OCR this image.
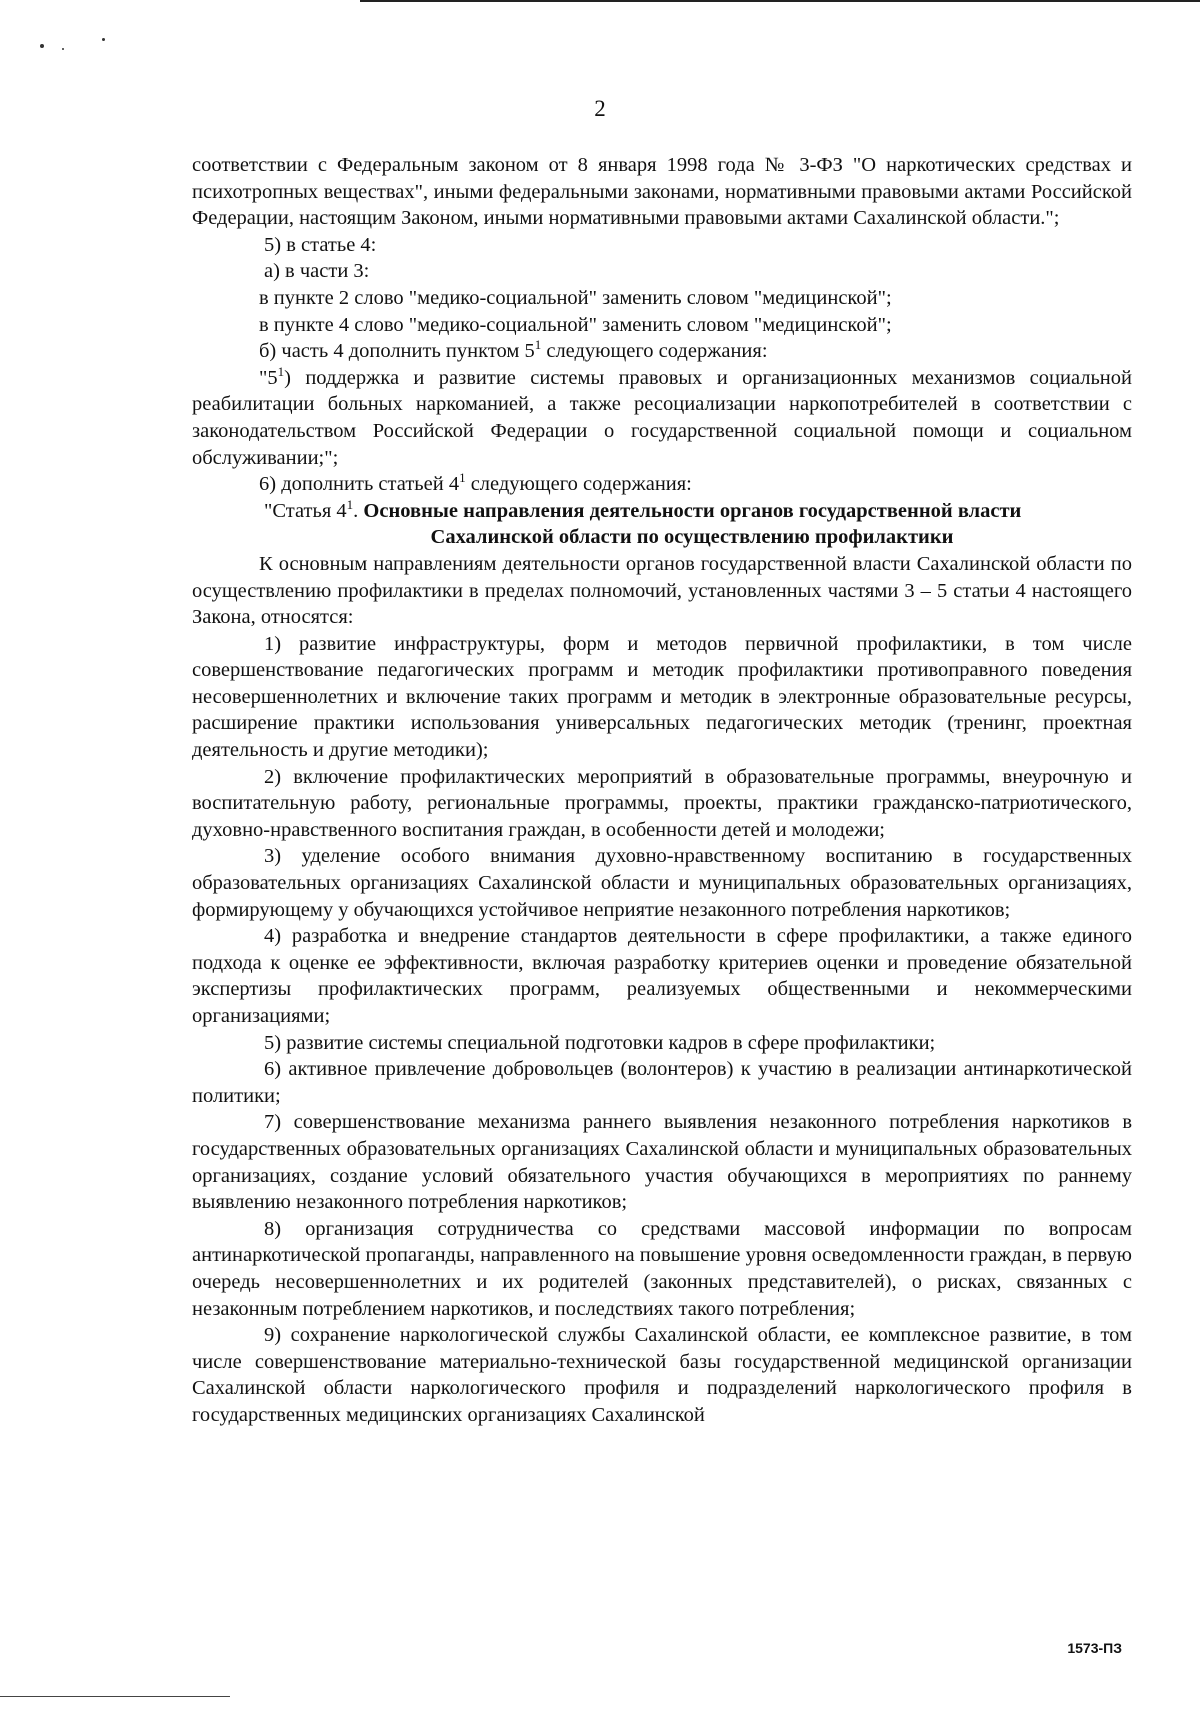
2

соответствии с Федеральным законом от 8 января 1998 года № 3-ФЗ "О наркотических средствах и психотропных веществах", иными федеральными законами, нормативными правовыми актами Российской Федерации, настоящим Законом, иными нормативными правовыми актами Сахалинской области.";

5) в статье 4:

а) в части 3:

в пункте 2 слово "медико-социальной" заменить словом "медицинской";

в пункте 4 слово "медико-социальной" заменить словом "медицинской";

б) часть 4 дополнить пунктом $5^1$ следующего содержания:

"$5^1$) поддержка и развитие системы правовых и организационных механизмов социальной реабилитации больных наркоманией, а также ресоциализации наркопотребителей в соответствии с законодательством Российской Федерации о государственной социальной помощи и социальном обслуживании;";

6) дополнить статьей $4^1$ следующего содержания:

"Статья $4^1$. Основные направления деятельности органов государственной власти

Сахалинской области по осуществлению профилактики

К основным направлениям деятельности органов государственной власти Сахалинской области по осуществлению профилактики в пределах полномочий, установленных частями 3 – 5 статьи 4 настоящего Закона, относятся:

1) развитие инфраструктуры, форм и методов первичной профилактики, в том числе совершенствование педагогических программ и методик профилактики противоправного поведения несовершеннолетних и включение таких программ и методик в электронные образовательные ресурсы, расширение практики использования универсальных педагогических методик (тренинг, проектная деятельность и другие методики);

2) включение профилактических мероприятий в образовательные программы, внеурочную и воспитательную работу, региональные программы, проекты, практики гражданско-патриотического, духовно-нравственного воспитания граждан, в особенности детей и молодежи;

3) уделение особого внимания духовно-нравственному воспитанию в государственных образовательных организациях Сахалинской области и муниципальных образовательных организациях, формирующему у обучающихся устойчивое неприятие незаконного потребления наркотиков;

4) разработка и внедрение стандартов деятельности в сфере профилактики, а также единого подхода к оценке ее эффективности, включая разработку критериев оценки и проведение обязательной экспертизы профилактических программ, реализуемых общественными и некоммерческими организациями;

5) развитие системы специальной подготовки кадров в сфере профилактики;

6) активное привлечение добровольцев (волонтеров) к участию в реализации антинаркотической политики;

7) совершенствование механизма раннего выявления незаконного потребления наркотиков в государственных образовательных организациях Сахалинской области и муниципальных образовательных организациях, создание условий обязательного участия обучающихся в мероприятиях по раннему выявлению незаконного потребления наркотиков;

8) организация сотрудничества со средствами массовой информации по вопросам антинаркотической пропаганды, направленного на повышение уровня осведомленности граждан, в первую очередь несовершеннолетних и их родителей (законных представителей), о рисках, связанных с незаконным потреблением наркотиков, и последствиях такого потребления;

9) сохранение наркологической службы Сахалинской области, ее комплексное развитие, в том числе совершенствование материально-технической базы государственной медицинской организации Сахалинской области наркологического профиля и подразделений наркологического профиля в государственных медицинских организациях Сахалинской

1573-ПЗ
